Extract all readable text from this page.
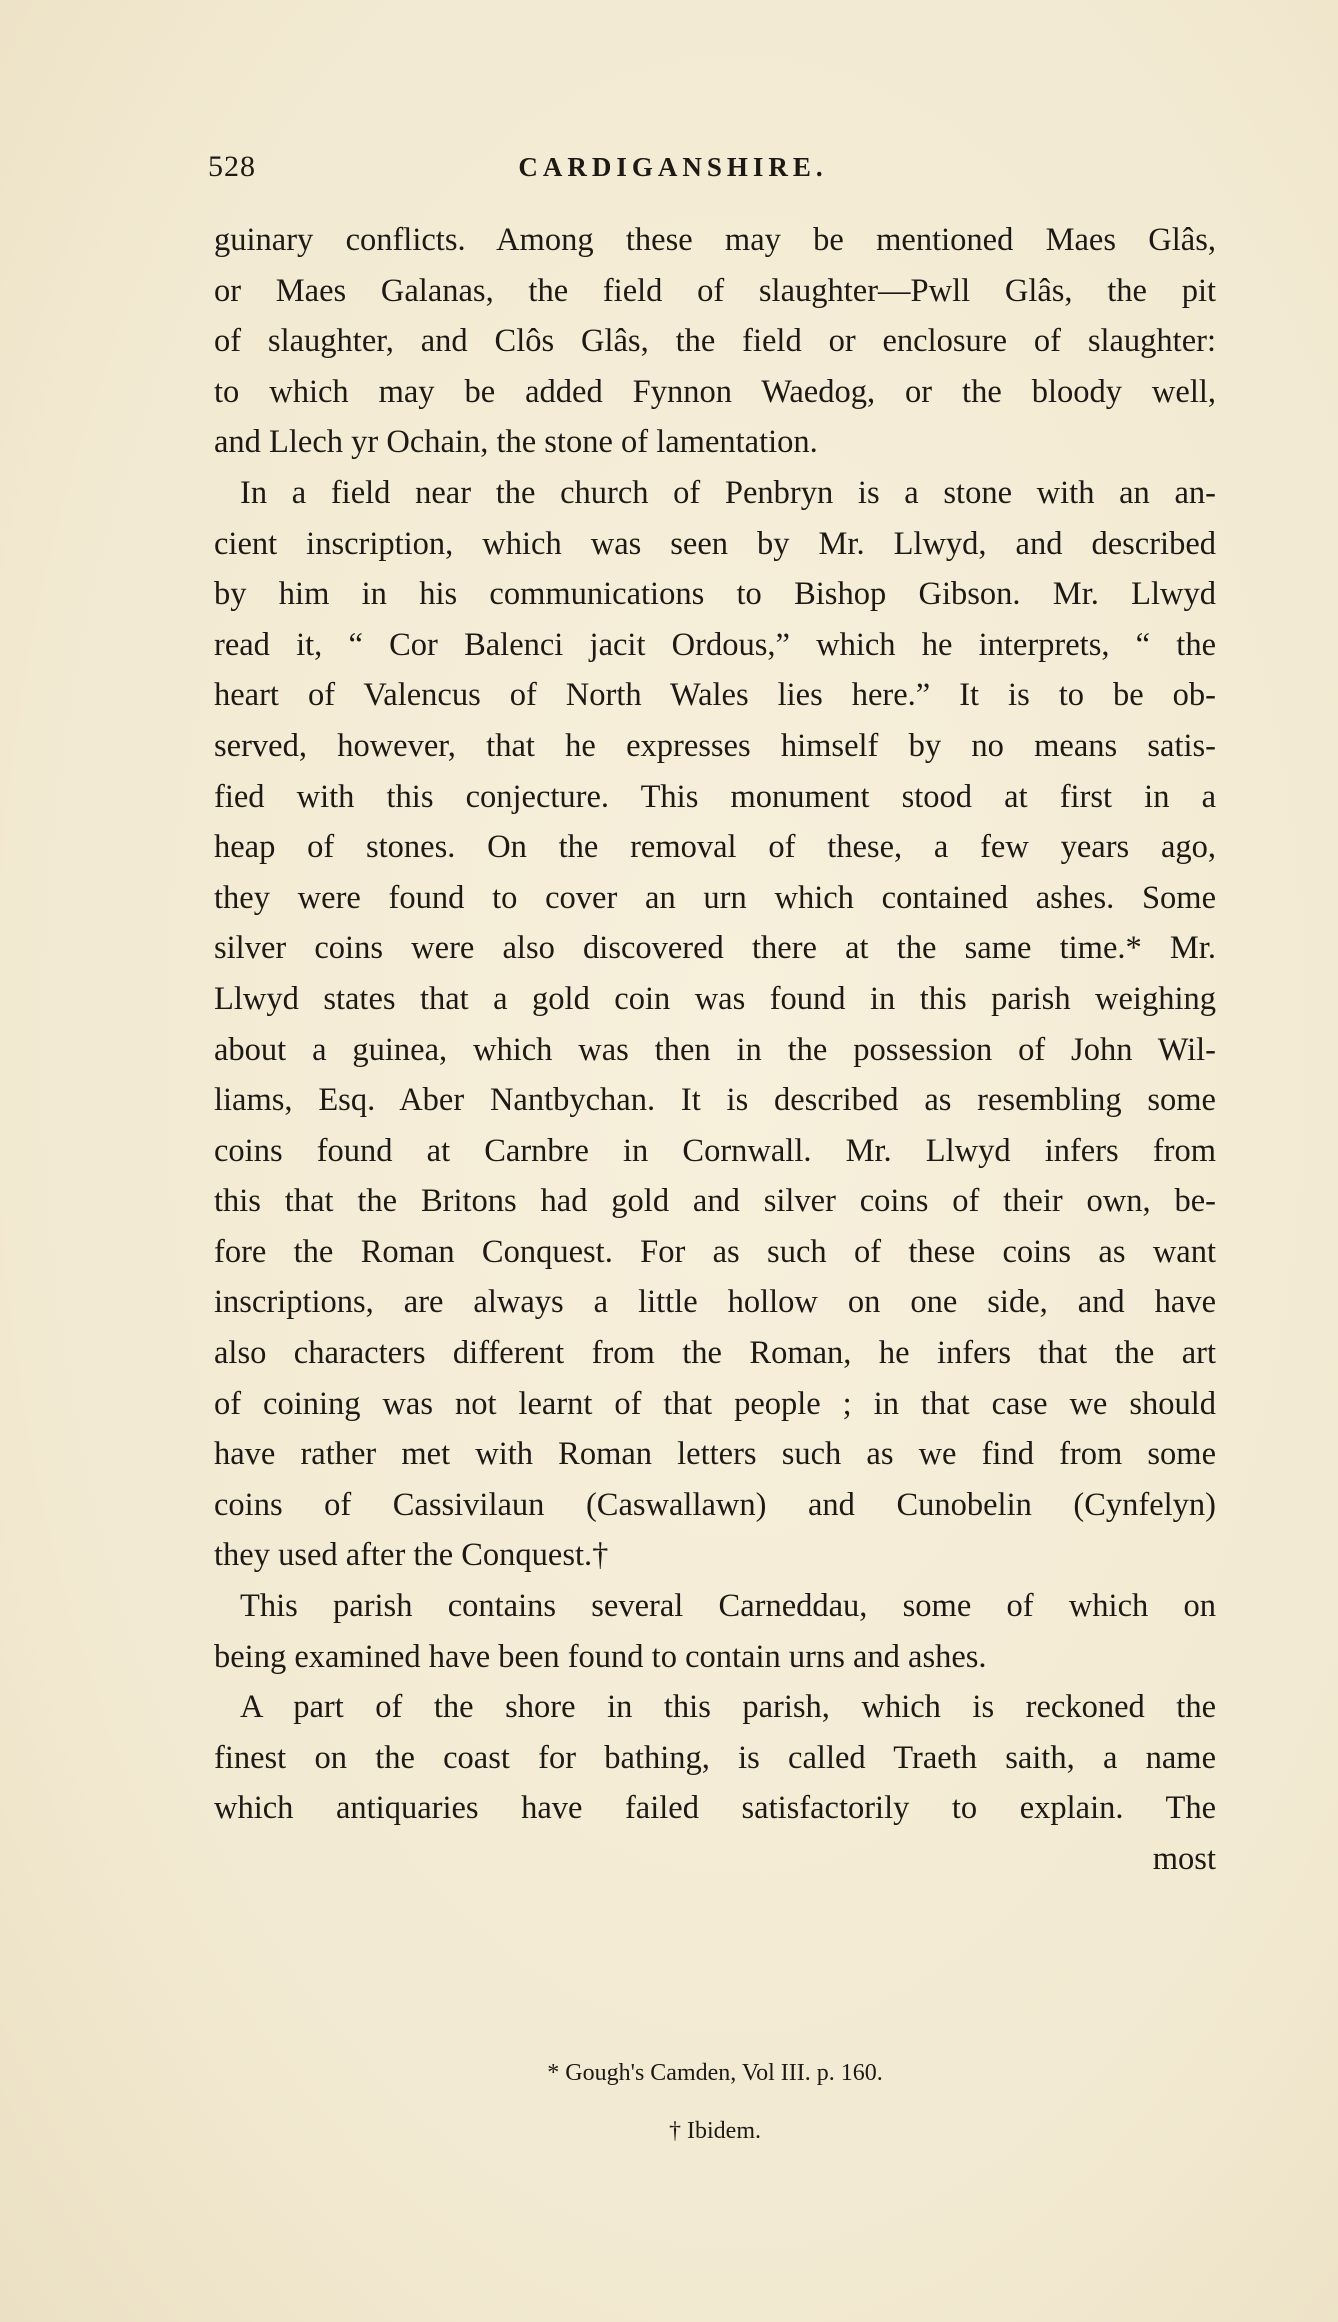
528	CARDIGANSHIRE.
guinary conflicts. Among these may be mentioned Maes Glâs,
or Maes Galanas, the field of slaughter—Pwll Glâs, the pit
of slaughter, and Clôs Glâs, the field or enclosure of slaughter:
to which may be added Fynnon Waedog, or the bloody well,
and Llech yr Ochain, the stone of lamentation.
In a field near the church of Penbryn is a stone with an an-
cient inscription, which was seen by Mr. Llwyd, and described
by him in his communications to Bishop Gibson. Mr. Llwyd
read it, “ Cor Balenci jacit Ordous,” which he interprets, “ the
heart of Valencus of North Wales lies here.” It is to be ob-
served, however, that he expresses himself by no means satis-
fied with this conjecture. This monument stood at first in a
heap of stones. On the removal of these, a few years ago,
they were found to cover an urn which contained ashes. Some
silver coins were also discovered there at the same time.* Mr.
Llwyd states that a gold coin was found in this parish weighing
about a guinea, which was then in the possession of John Wil-
liams, Esq. Aber Nantbychan. It is described as resembling some
coins found at Carnbre in Cornwall. Mr. Llwyd infers from
this that the Britons had gold and silver coins of their own, be-
fore the Roman Conquest. For as such of these coins as want
inscriptions, are always a little hollow on one side, and have
also characters different from the Roman, he infers that the art
of coining was not learnt of that people ; in that case we should
have rather met with Roman letters such as we find from some
coins of Cassivilaun (Caswallawn) and Cunobelin (Cynfelyn)
they used after the Conquest.†
This parish contains several Carneddau, some of which on
being examined have been found to contain urns and ashes.
A part of the shore in this parish, which is reckoned the
finest on the coast for bathing, is called Traeth saith, a name
which antiquaries have failed satisfactorily to explain. The
most
* Gough's Camden, Vol III. p. 160.
† Ibidem.
